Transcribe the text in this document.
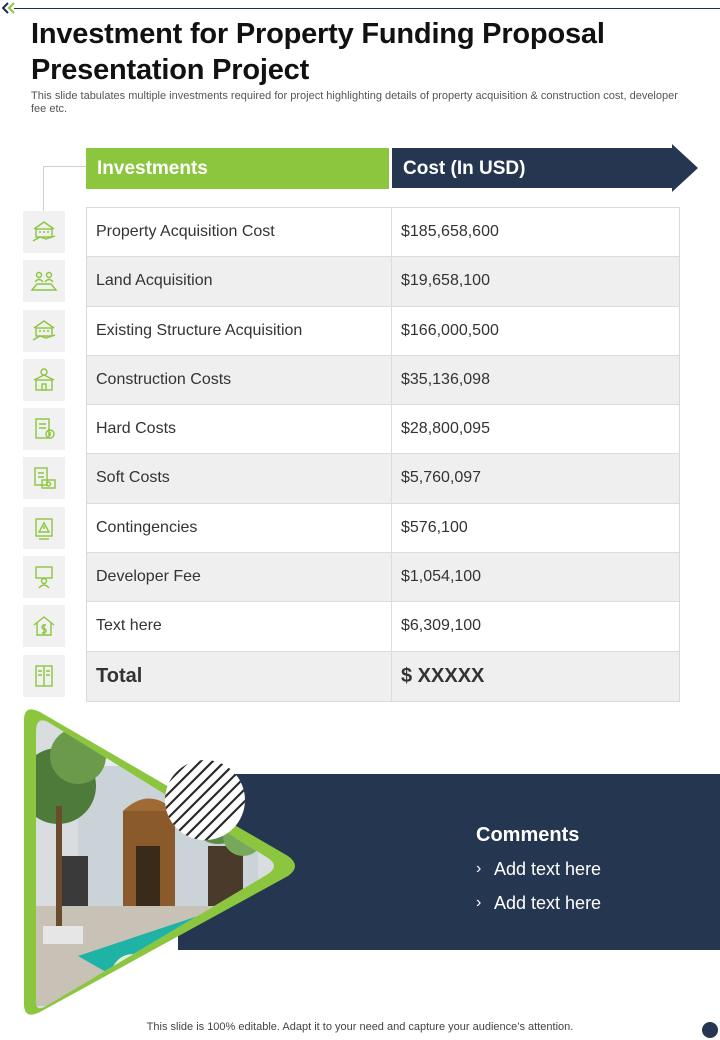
Investment for Property Funding Proposal Presentation Project
This slide tabulates multiple investments required for project highlighting details of property acquisition & construction cost, developer fee etc.
Investments	Cost (In USD)
Property Acquisition Cost	$185,658,600
Land Acquisition	$19,658,100
Existing Structure Acquisition	$166,000,500
Construction Costs	$35,136,098
Hard Costs	$28,800,095
Soft Costs	$5,760,097
Contingencies	$576,100
Developer Fee	$1,054,100
Text here	$6,309,100
Total	$ XXXXX
Comments
› Add text here
› Add text here
This slide is 100% editable. Adapt it to your need and capture your audience’s attention.
